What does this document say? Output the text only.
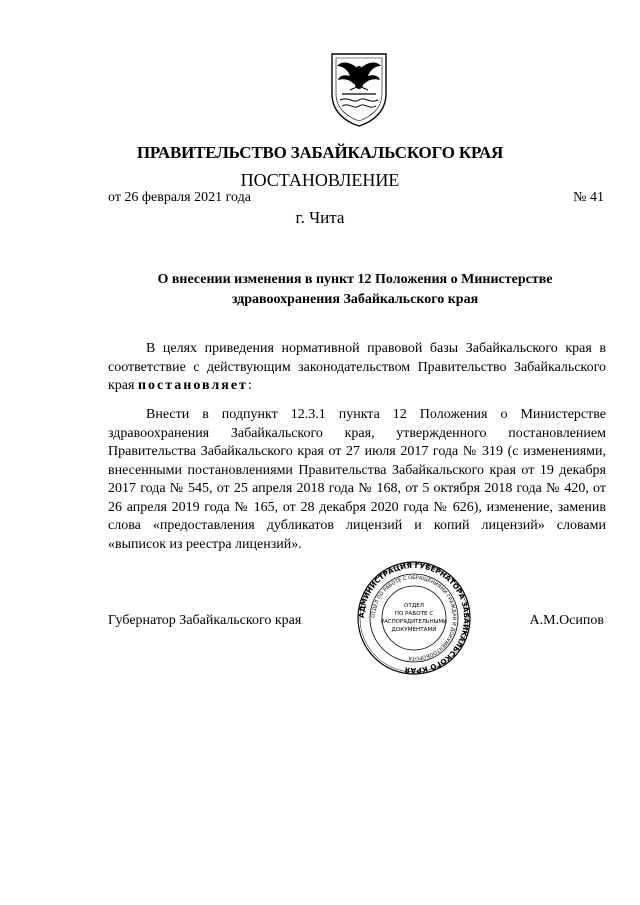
ПРАВИТЕЛЬСТВО ЗАБАЙКАЛЬСКОГО КРАЯ
ПОСТАНОВЛЕНИЕ
от 26 февраля 2021 года	№ 41
г. Чита
О внесении изменения в пункт 12 Положения о Министерстве
здравоохранения Забайкальского края
В целях приведения нормативной правовой базы Забайкальского края в соответствие с действующим законодательством Правительство Забайкальского края постановляет:
Внести в подпункт 12.3.1 пункта 12 Положения о Министерстве здравоохранения Забайкальского края, утвержденного постановлением Правительства Забайкальского края от 27 июля 2017 года № 319 (с изменениями, внесенными постановлениями Правительства Забайкальского края от 19 декабря 2017 года № 545, от 25 апреля 2018 года № 168, от 5 октября 2018 года № 420, от 26 апреля 2019 года № 165, от 28 декабря 2020 года № 626), изменение, заменив слова «предоставления дубликатов лицензий и копий лицензий» словами «выписок из реестра лицензий».
Губернатор Забайкальского края	А.М.Осипов
АДМИНИСТРАЦИЯ ГУБЕРНАТОРА ЗАБАЙКАЛЬСКОГО КРАЯ
ОТДЕЛ ПО РАБОТЕ С ОБРАЩЕНИЯМИ ГРАЖДАН И ДОКУМЕНТООБОРОТА
ОТДЕЛ
ПО РАБОТЕ С
РАСПОРЯДИТЕЛЬНЫМИ
ДОКУМЕНТАМИ
